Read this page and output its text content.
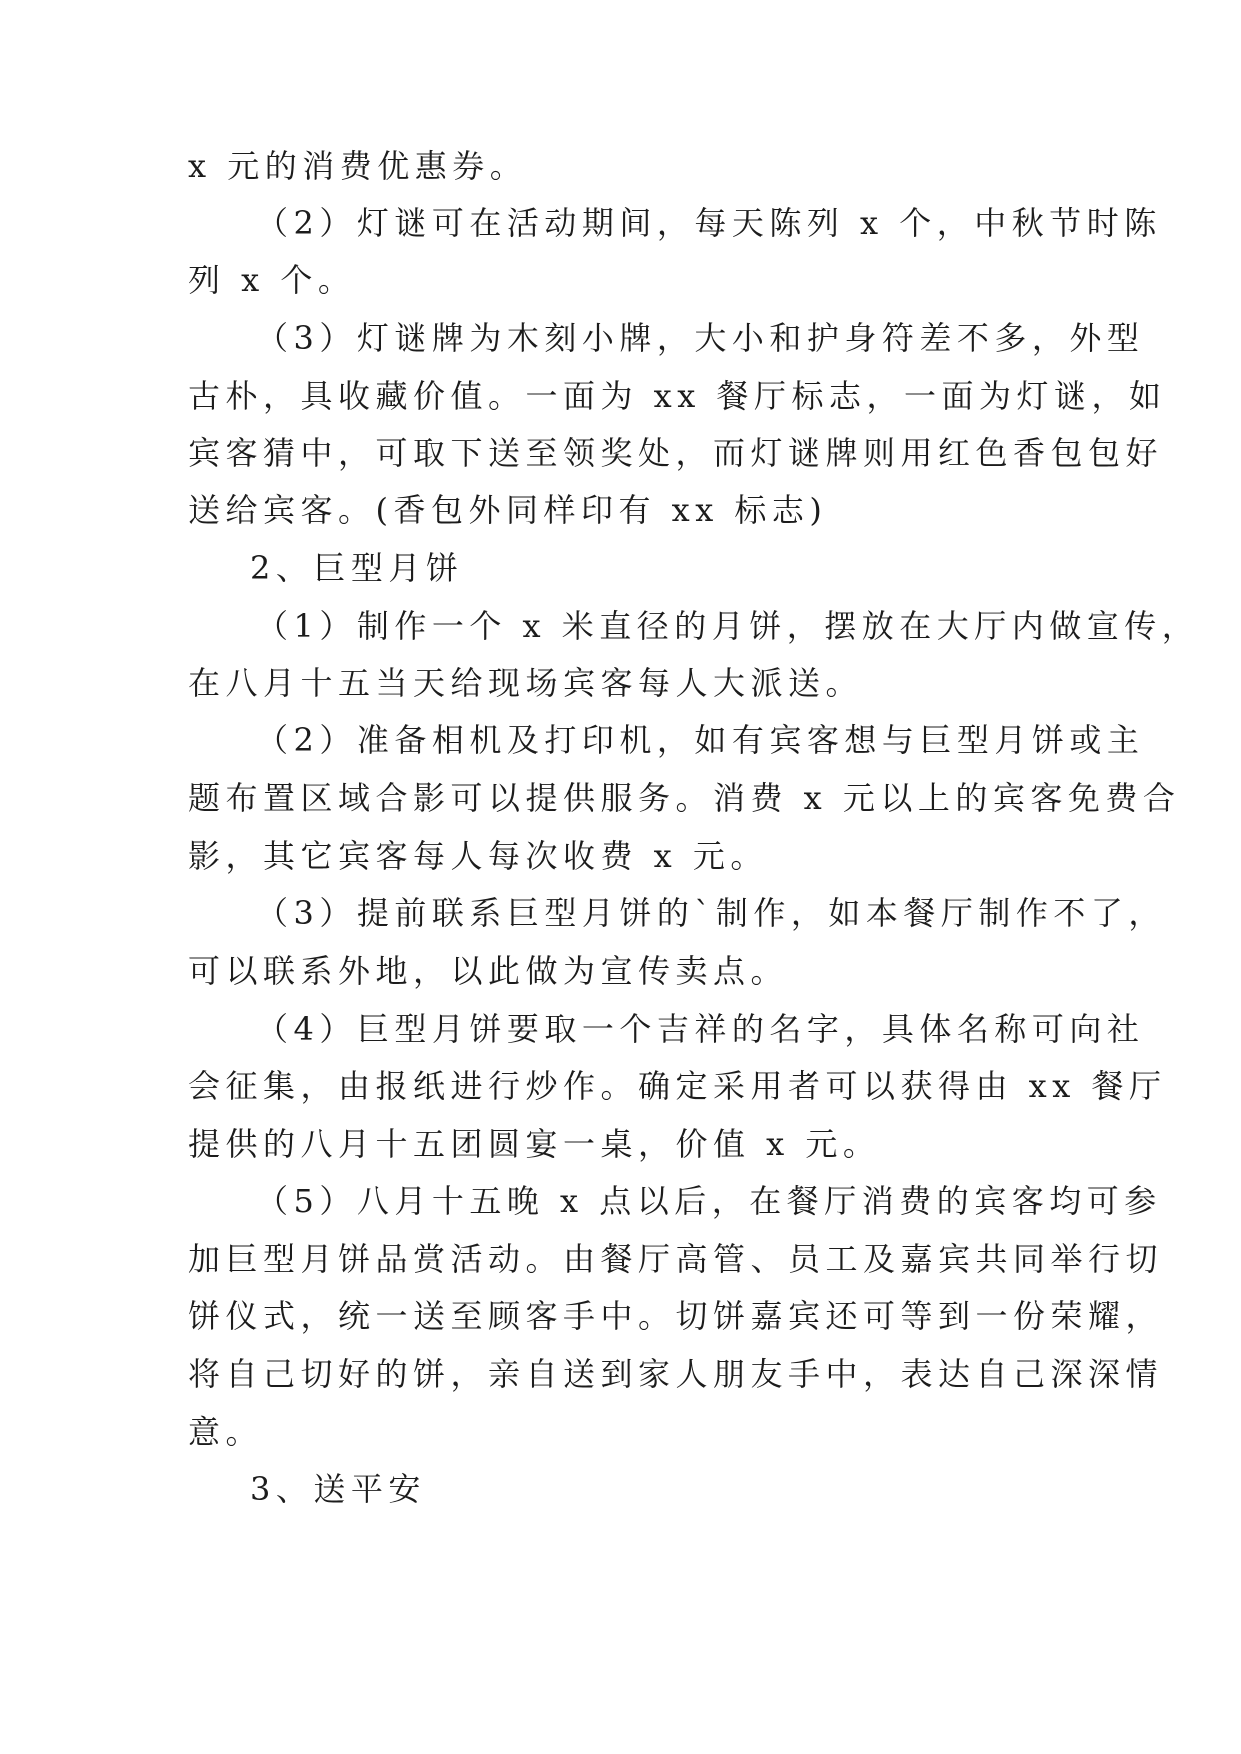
x 元的消费优惠券。
（2）灯谜可在活动期间，每天陈列 x 个，中秋节时陈
列 x 个。
（3）灯谜牌为木刻小牌，大小和护身符差不多，外型
古朴，具收藏价值。一面为 xx 餐厅标志，一面为灯谜，如
宾客猜中，可取下送至领奖处，而灯谜牌则用红色香包包好
送给宾客。(香包外同样印有 xx 标志)
2、巨型月饼
（1）制作一个 x 米直径的月饼，摆放在大厅内做宣传，
在八月十五当天给现场宾客每人大派送。
（2）准备相机及打印机，如有宾客想与巨型月饼或主
题布置区域合影可以提供服务。消费 x 元以上的宾客免费合
影，其它宾客每人每次收费 x 元。
（3）提前联系巨型月饼的`制作，如本餐厅制作不了，
可以联系外地，以此做为宣传卖点。
（4）巨型月饼要取一个吉祥的名字，具体名称可向社
会征集，由报纸进行炒作。确定采用者可以获得由 xx 餐厅
提供的八月十五团圆宴一桌，价值 x 元。
（5）八月十五晚 x 点以后，在餐厅消费的宾客均可参
加巨型月饼品赏活动。由餐厅高管、员工及嘉宾共同举行切
饼仪式，统一送至顾客手中。切饼嘉宾还可等到一份荣耀，
将自己切好的饼，亲自送到家人朋友手中，表达自己深深情
意。
3、送平安
